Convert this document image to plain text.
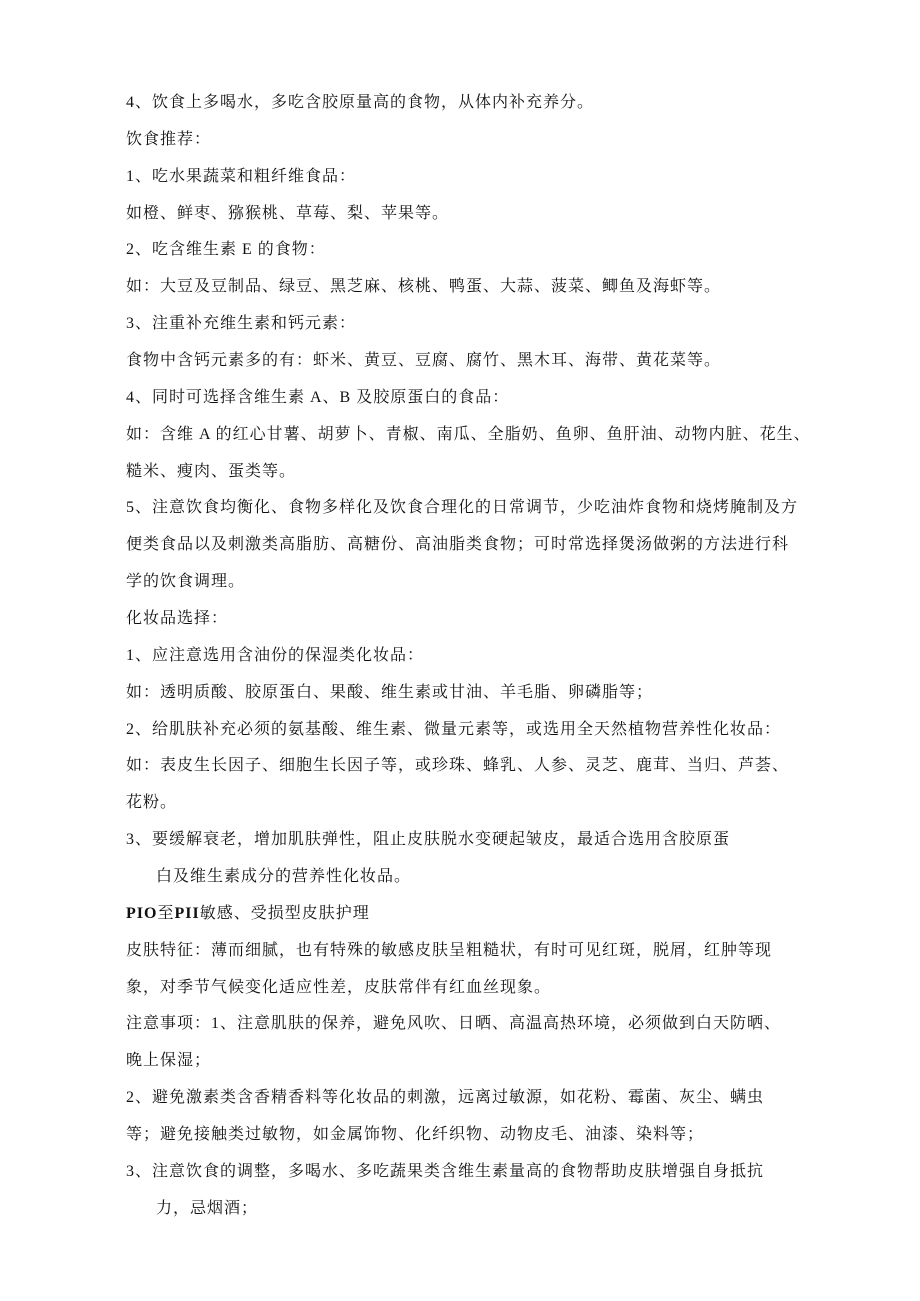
4、饮食上多喝水，多吃含胶原量高的食物，从体内补充养分。
饮食推荐：
1、吃水果蔬菜和粗纤维食品：
如橙、鲜枣、猕猴桃、草莓、梨、苹果等。
2、吃含维生素 E 的食物：
如：大豆及豆制品、绿豆、黑芝麻、核桃、鸭蛋、大蒜、菠菜、鲫鱼及海虾等。
3、注重补充维生素和钙元素：
食物中含钙元素多的有：虾米、黄豆、豆腐、腐竹、黑木耳、海带、黄花菜等。
4、同时可选择含维生素 A、B 及胶原蛋白的食品：
如：含维 A 的红心甘薯、胡萝卜、青椒、南瓜、全脂奶、鱼卵、鱼肝油、动物内脏、花生、
糙米、瘦肉、蛋类等。
5、注意饮食均衡化、食物多样化及饮食合理化的日常调节，少吃油炸食物和烧烤腌制及方
便类食品以及刺激类高脂肪、高糖份、高油脂类食物；可时常选择煲汤做粥的方法进行科
学的饮食调理。
化妆品选择：
1、应注意选用含油份的保湿类化妆品：
如：透明质酸、胶原蛋白、果酸、维生素或甘油、羊毛脂、卵磷脂等；
2、给肌肤补充必须的氨基酸、维生素、微量元素等，或选用全天然植物营养性化妆品：
如：表皮生长因子、细胞生长因子等，或珍珠、蜂乳、人参、灵芝、鹿茸、当归、芦荟、
花粉。
3、要缓解衰老，增加肌肤弹性，阻止皮肤脱水变硬起皱皮，最适合选用含胶原蛋
白及维生素成分的营养性化妆品。
PIO至PII敏感、受损型皮肤护理
皮肤特征：薄而细腻，也有特殊的敏感皮肤呈粗糙状，有时可见红斑，脱屑，红肿等现
象，对季节气候变化适应性差，皮肤常伴有红血丝现象。
注意事项：1、注意肌肤的保养，避免风吹、日晒、高温高热环境，必须做到白天防晒、
晚上保湿；
2、避免激素类含香精香料等化妆品的刺激，远离过敏源，如花粉、霉菌、灰尘、螨虫
等；避免接触类过敏物，如金属饰物、化纤织物、动物皮毛、油漆、染料等；
3、注意饮食的调整，多喝水、多吃蔬果类含维生素量高的食物帮助皮肤增强自身抵抗
力，忌烟酒；
